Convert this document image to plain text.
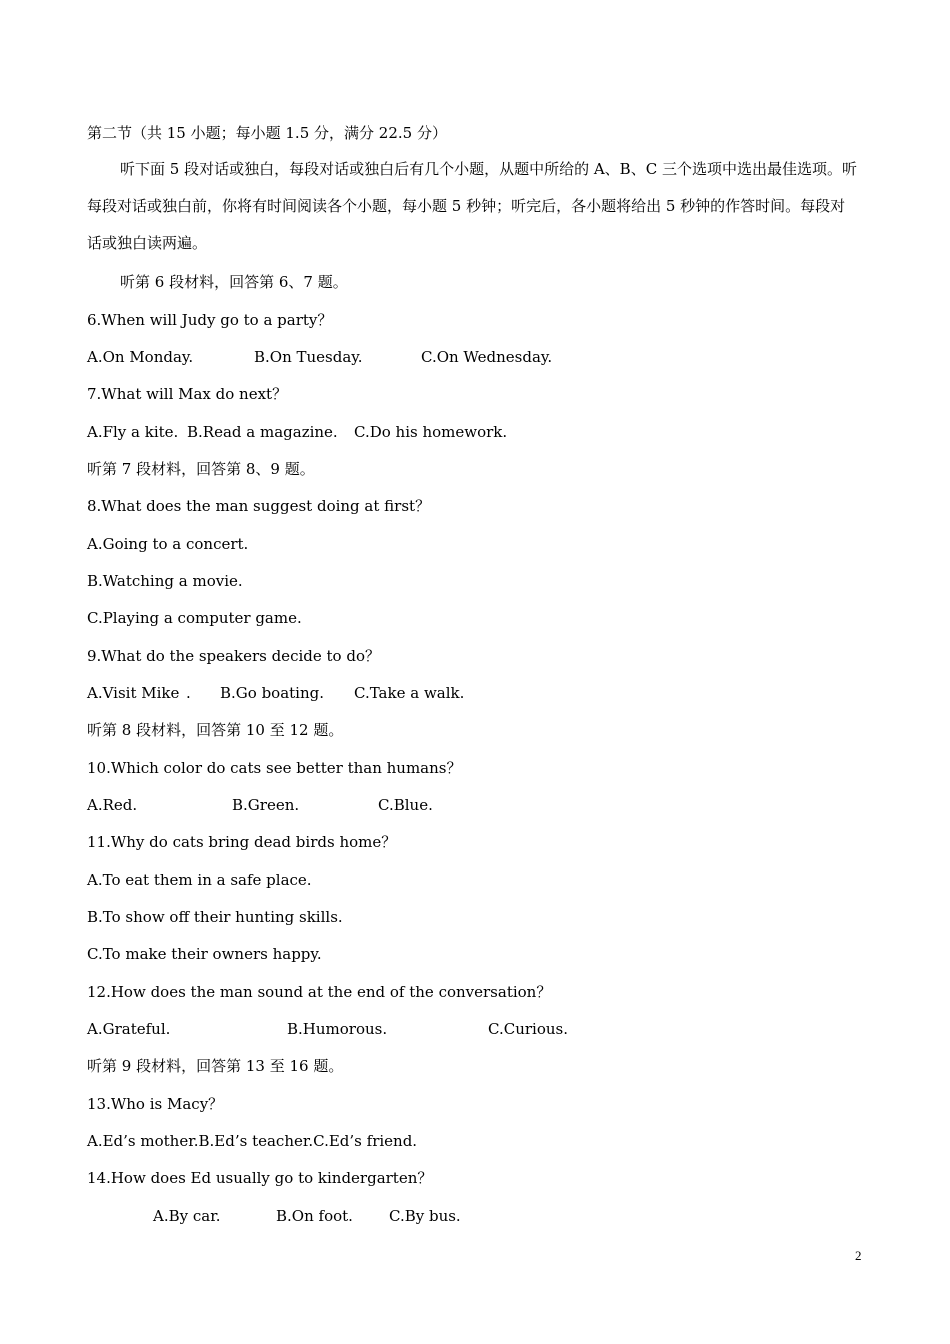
第二节（共 15 小题；每小题 1.5 分，满分 22.5 分）
听下面 5 段对话或独白，每段对话或独白后有几个小题，从题中所给的 A、B、C 三个选项中选出最佳选项。听每段对话或独白前，你将有时间阅读各个小题，每小题 5 秒钟；听完后，各小题将给出 5 秒钟的作答时间。每段对话或独白读两遍。
听第 6 段材料，回答第 6、7 题。
6.When will Judy go to a party？
A.On Monday.	B.On Tuesday.	C.On Wednesday.
7.What will Max do next？
A.Fly a kite. B.Read a magazine. C.Do his homework.
听第 7 段材料，回答第 8、9 题。
8.What does the man suggest doing at first？
A.Going to a concert.
B.Watching a movie.
C.Playing a computer game.
9.What do the speakers decide to do？
A.Visit Mike . B.Go boating. C.Take a walk.
听第 8 段材料，回答第 10 至 12 题。
10.Which color do cats see better than humans？
A.Red.	B.Green.	C.Blue.
11.Why do cats bring dead birds home？
A.To eat them in a safe place.
B.To show off their hunting skills.
C.To make their owners happy.
12.How does the man sound at the end of the conversation？
A.Grateful.	B.Humorous.	C.Curious.
听第 9 段材料，回答第 13 至 16 题。
13.Who is Macy？
A.Ed’s mother.B.Ed’s teacher.C.Ed’s friend.
14.How does Ed usually go to kindergarten？
A.By car.	B.On foot. C.By bus.
2
